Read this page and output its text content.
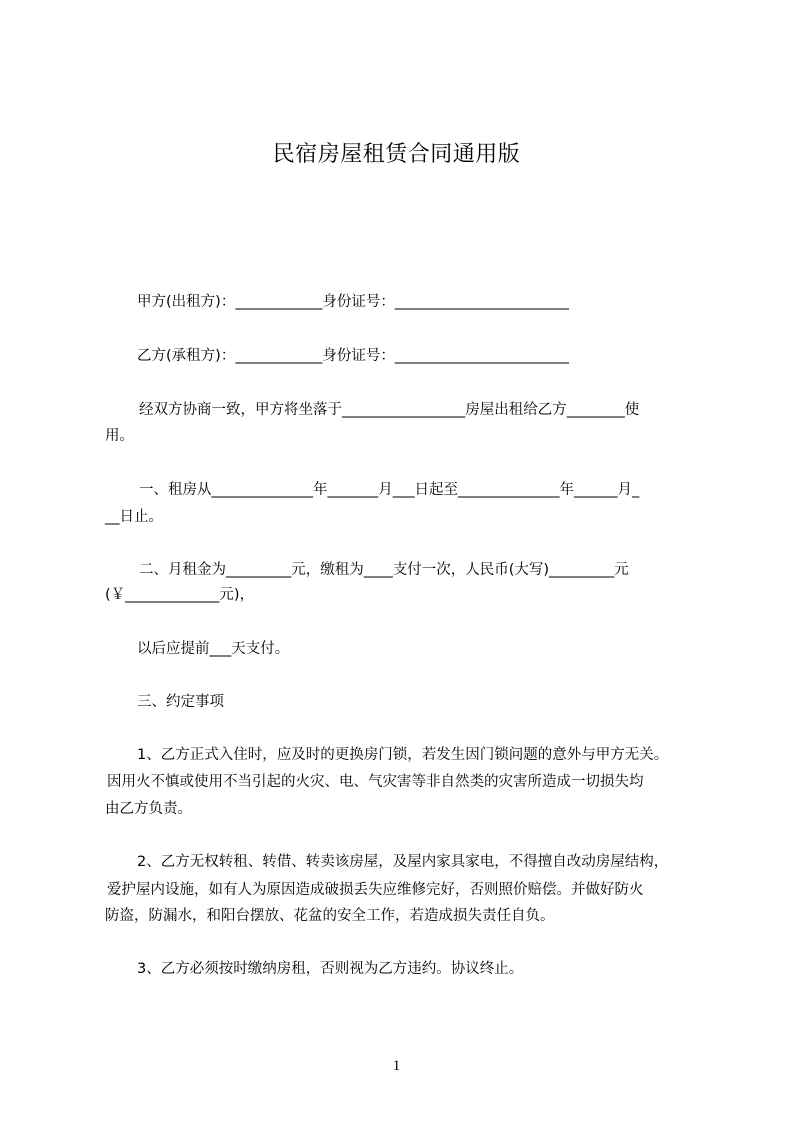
民宿房屋租赁合同通用版
甲方(出租方)：____________身份证号：________________________
乙方(承租方)：____________身份证号：________________________
经双方协商一致，甲方将坐落于_________________房屋出租给乙方________使
用。
一、租房从______________年_______月___日起至______________年______月_
__日止。
二、月租金为_________元，缴租为____支付一次，人民币(大写)_________元
(￥_____________元)，
以后应提前___天支付。
三、约定事项
1、乙方正式入住时，应及时的更换房门锁，若发生因门锁问题的意外与甲方无关。
因用火不慎或使用不当引起的火灾、电、气灾害等非自然类的灾害所造成一切损失均
由乙方负责。
2、乙方无权转租、转借、转卖该房屋，及屋内家具家电，不得擅自改动房屋结构，
爱护屋内设施，如有人为原因造成破损丢失应维修完好，否则照价赔偿。并做好防火
防盗，防漏水，和阳台摆放、花盆的安全工作，若造成损失责任自负。
3、乙方必须按时缴纳房租，否则视为乙方违约。协议终止。
1
